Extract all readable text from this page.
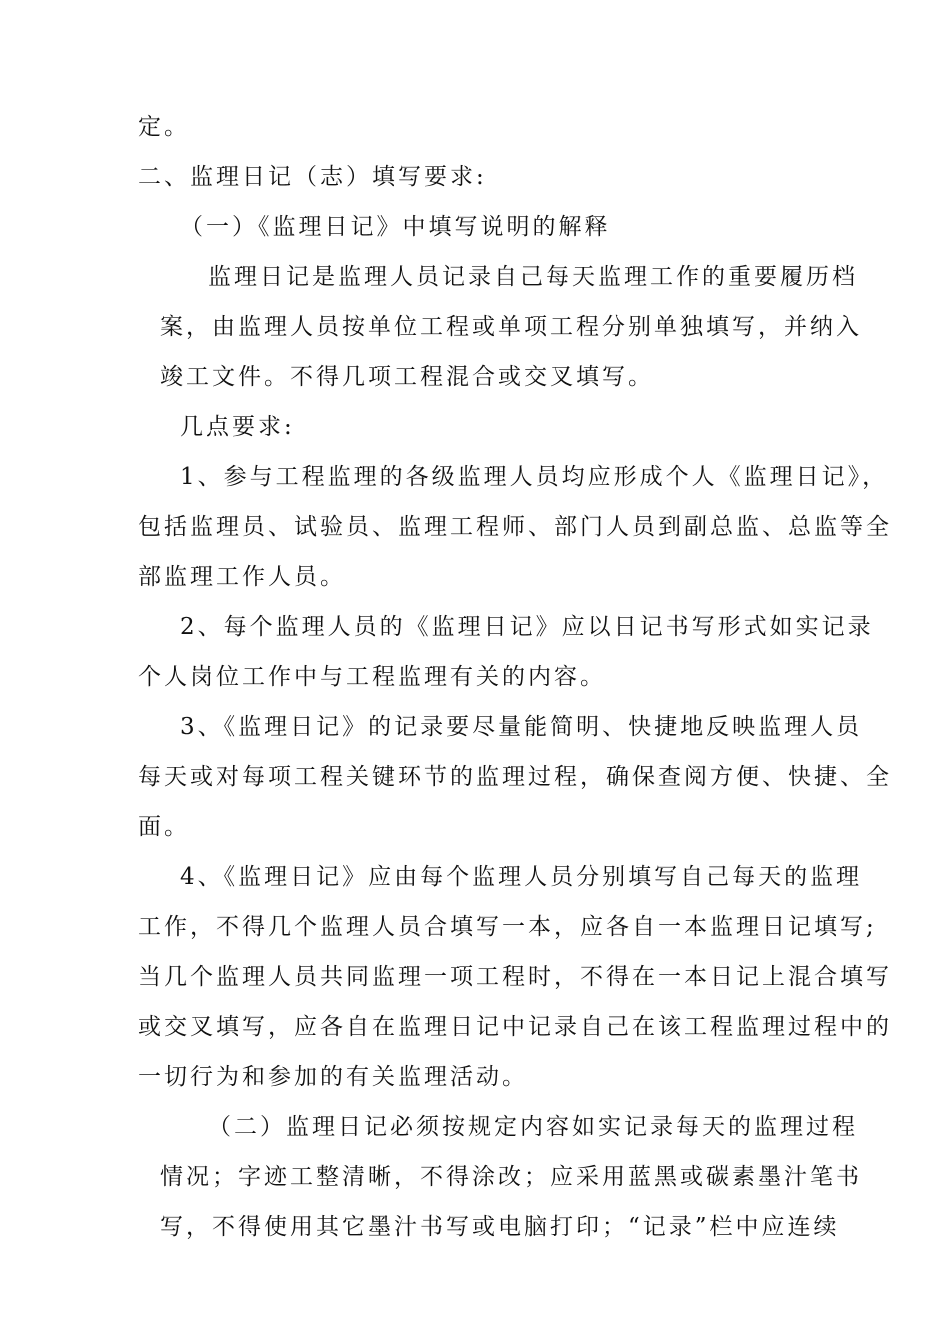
定。
二、监理日记（志）填写要求:
（一）《监理日记》中填写说明的解释
监理日记是监理人员记录自己每天监理工作的重要履历档
案，由监理人员按单位工程或单项工程分别单独填写，并纳入
竣工文件。不得几项工程混合或交叉填写。
几点要求:
1、参与工程监理的各级监理人员均应形成个人《监理日记》，
包括监理员、试验员、监理工程师、部门人员到副总监、总监等全
部监理工作人员。
2、每个监理人员的《监理日记》应以日记书写形式如实记录
个人岗位工作中与工程监理有关的内容。
3、《监理日记》的记录要尽量能简明、快捷地反映监理人员
每天或对每项工程关键环节的监理过程，确保查阅方便、快捷、全
面。
4、《监理日记》应由每个监理人员分别填写自己每天的监理
工作，不得几个监理人员合填写一本，应各自一本监理日记填写;
当几个监理人员共同监理一项工程时，不得在一本日记上混合填写
或交叉填写，应各自在监理日记中记录自己在该工程监理过程中的
一切行为和参加的有关监理活动。
（二）监理日记必须按规定内容如实记录每天的监理过程
情况；字迹工整清晰，不得涂改；应采用蓝黑或碳素墨汁笔书
写，不得使用其它墨汁书写或电脑打印；“记录”栏中应连续
